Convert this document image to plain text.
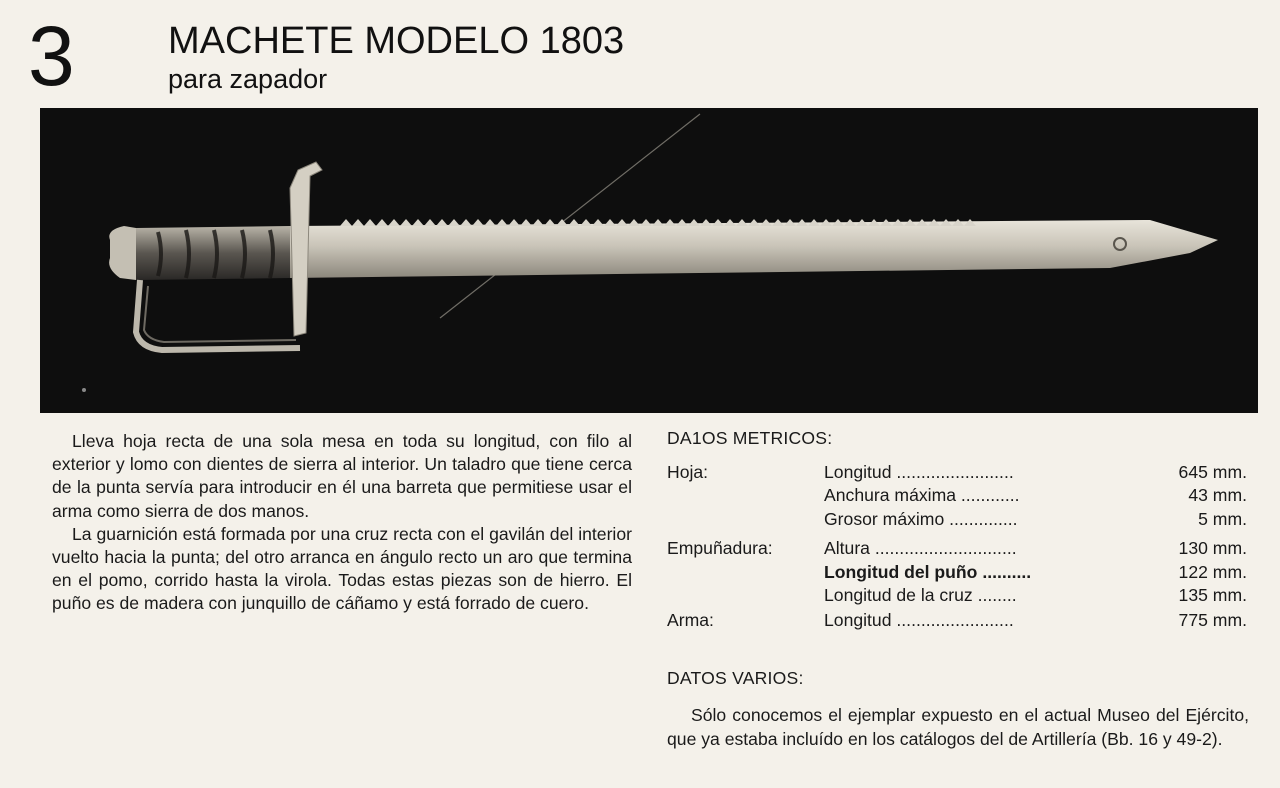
3 MACHETE MODELO 1803
para zapador

Lleva hoja recta de una sola mesa en toda su longitud, con filo al exterior y lomo con dientes de sierra al interior. Un taladro que tiene cerca de la punta servía para introducir en él una barreta que permitiese usar el arma como sierra de dos manos.

La guarnición está formada por una cruz recta con el gavilán del interior vuelto hacia la punta; del otro arranca en ángulo recto un aro que termina en el pomo, corrido hasta la virola. Todas estas piezas son de hierro. El puño es de madera con junquillo de cáñamo y está forrado de cuero.

DA1OS METRICOS:
Hoja:	Longitud ........................	645 mm.
Anchura máxima ............	43 mm.
Grosor máximo ..............	5 mm.
Empuñadura:	Altura .............................	130 mm.
Longitud del puño ..........	122 mm.
Longitud de la cruz ........	135 mm.
Arma:	Longitud ........................	775 mm.
DATOS VARIOS:

Sólo conocemos el ejemplar expuesto en el actual Museo del Ejército, que ya estaba incluído en los catálogos del de Artillería (Bb. 16 y 49-2).
